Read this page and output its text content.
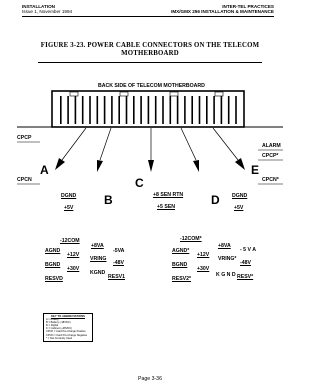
INSTALLATION
Issue 1, November 1994
INTER-TEL PRACTICES
IMX/GMX 256 INSTALLATION & MAINTENANCE
FIGURE 3-23. POWER CABLE CONNECTORS ON THE TELECOM
MOTHERBOARD
BACK SIDE OF TELECOM MOTHERBOARD
CPCP
CPCN
ALARM
CPCP*
CPCN*
A
B
C
D
E
DGND
+5V
+8 SEN RTN
+5 SEN
DGND
+5V
-12COM
+8VA
-5VA
AGND
+12V
VRING
-48V
BGND
+30V
KGND
RESVD	RESV1
-12COM*
+8VA
- 5 V A
AGND*
+12V
VRING*
-48V
BGND
+30V
K G N D
RESV2*	RESV*
KEY TO ABBREVIATIONS
A = Analog
B = Battery (-48VDC)
D = Digital
K = Cabinet (+48VDC)
CPCP = Card Pre-Charge Positive
CPCN = Card Pre-Charge Negative
* = Not Currently Used
Page 3-36
